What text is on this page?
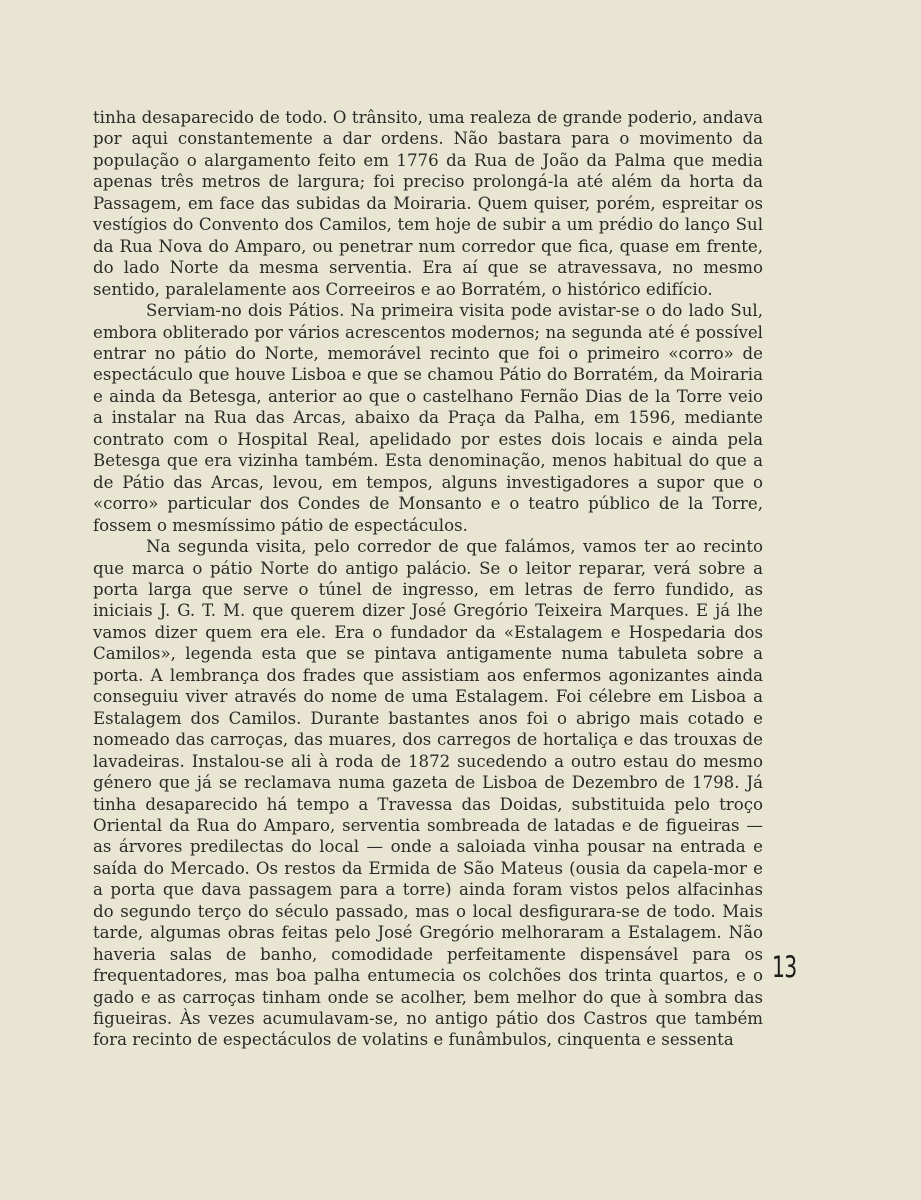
tinha desaparecido de todo. O trânsito, uma realeza de grande poderio, andava por aqui constantemente a dar ordens. Não bastara para o movimento da população o alargamento feito em 1776 da Rua de João da Palma que media apenas três metros de largura; foi preciso prolongá-la até além da horta da Passagem, em face das subidas da Moiraria. Quem quiser, porém, espreitar os vestígios do Convento dos Camilos, tem hoje de subir a um prédio do lanço Sul da Rua Nova do Amparo, ou penetrar num corredor que fica, quase em frente, do lado Norte da mesma serventia. Era aí que se atravessava, no mesmo sentido, paralelamente aos Correeiros e ao Borratém, o histórico edifício.

Serviam-no dois Pátios. Na primeira visita pode avistar-se o do lado Sul, embora obliterado por vários acrescentos modernos; na segunda até é possível entrar no pátio do Norte, memorável recinto que foi o primeiro «corro» de espectáculo que houve Lisboa e que se chamou Pátio do Borratém, da Moiraria e ainda da Betesga, anterior ao que o castelhano Fernão Dias de la Torre veio a instalar na Rua das Arcas, abaixo da Praça da Palha, em 1596, mediante contrato com o Hospital Real, apelidado por estes dois locais e ainda pela Betesga que era vizinha também. Esta denominação, menos habitual do que a de Pátio das Arcas, levou, em tempos, alguns investigadores a supor que o «corro» particular dos Condes de Monsanto e o teatro público de la Torre, fossem o mesmíssimo pátio de espectáculos.

Na segunda visita, pelo corredor de que falámos, vamos ter ao recinto que marca o pátio Norte do antigo palácio. Se o leitor reparar, verá sobre a porta larga que serve o túnel de ingresso, em letras de ferro fundido, as iniciais J. G. T. M. que querem dizer José Gregório Teixeira Marques. E já lhe vamos dizer quem era ele. Era o fundador da «Estalagem e Hospedaria dos Camilos», legenda esta que se pintava antigamente numa tabuleta sobre a porta. A lembrança dos frades que assistiam aos enfermos agonizantes ainda conseguiu viver através do nome de uma Estalagem. Foi célebre em Lisboa a Estalagem dos Camilos. Durante bastantes anos foi o abrigo mais cotado e nomeado das carroças, das muares, dos carregos de hortaliça e das trouxas de lavadeiras. Instalou-se ali à roda de 1872 sucedendo a outro estau do mesmo género que já se reclamava numa gazeta de Lisboa de Dezembro de 1798. Já tinha desaparecido há tempo a Travessa das Doidas, substituida pelo troço Oriental da Rua do Amparo, serventia sombreada de latadas e de figueiras — as árvores predilectas do local — onde a saloiada vinha pousar na entrada e saída do Mercado. Os restos da Ermida de São Mateus (ousia da capela-mor e a porta que dava passagem para a torre) ainda foram vistos pelos alfacinhas do segundo terço do século passado, mas o local desfigurara-se de todo. Mais tarde, algumas obras feitas pelo José Gregório melhoraram a Estalagem. Não haveria salas de banho, comodidade perfeitamente dispensável para os frequentadores, mas boa palha entumecia os colchões dos trinta quartos, e o gado e as carroças tinham onde se acolher, bem melhor do que à sombra das figueiras. Às vezes acumulavam-se, no antigo pátio dos Castros que também fora recinto de espectáculos de volatins e funâmbulos, cinquenta e sessenta

13
